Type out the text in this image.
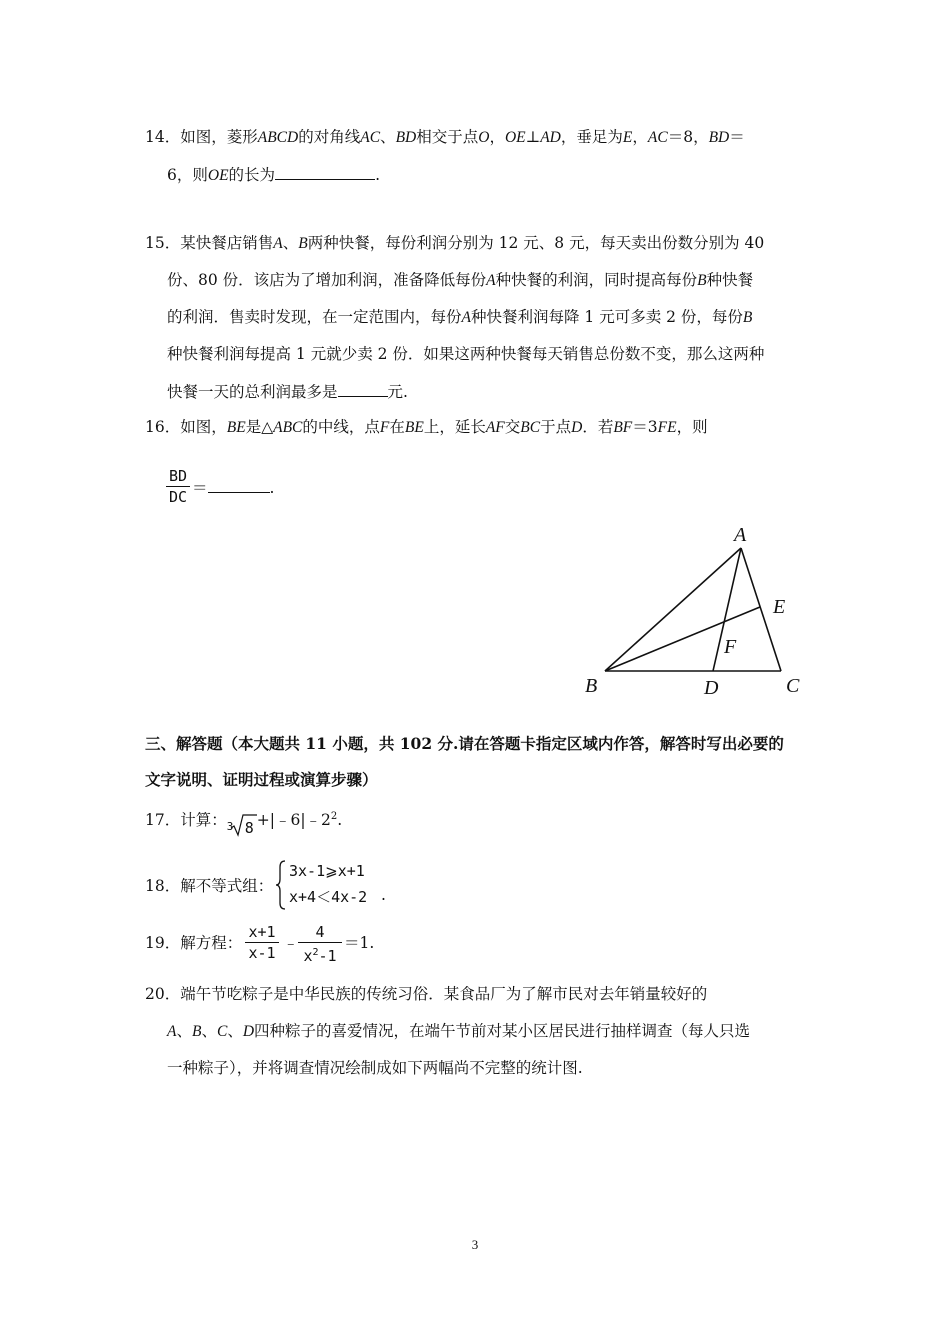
14．如图，菱形ABCD的对角线AC、BD相交于点O，OE⊥AD，垂足为E，AC＝8，BD＝
6，则OE的长为	.
15．某快餐店销售A、B两种快餐，每份利润分别为 12 元、8 元，每天卖出份数分别为 40
份、80 份．该店为了增加利润，准备降低每份A种快餐的利润，同时提高每份B种快餐
的利润．售卖时发现，在一定范围内，每份A种快餐利润每降 1 元可多卖 2 份，每份B
种快餐利润每提高 1 元就少卖 2 份．如果这两种快餐每天销售总份数不变，那么这两种
快餐一天的总利润最多是	元.
16．如图，BE是△ABC的中线，点F在BE上，延长AF交BC于点D．若BF＝3FE，则
BD
DC ＝	.
A
B	C
D
E
F
三、解答题（本大题共 11 小题，共 102 分.请在答题卡指定区域内作答，解答时写出必要的
文字说明、证明过程或演算步骤）
17．计算： 3 $8 +|﹣6|﹣2^2$.
18．解不等式组：
3x-1⩾x+1
x+4＜4x-2 .
19．解方程：
x+1
x-1
﹣
4
$x^2-1$
＝1.
20．端午节吃粽子是中华民族的传统习俗．某食品厂为了解市民对去年销量较好的
A、B、C、D四种粽子的喜爱情况，在端午节前对某小区居民进行抽样调查（每人只选
一种粽子），并将调查情况绘制成如下两幅尚不完整的统计图.
3
